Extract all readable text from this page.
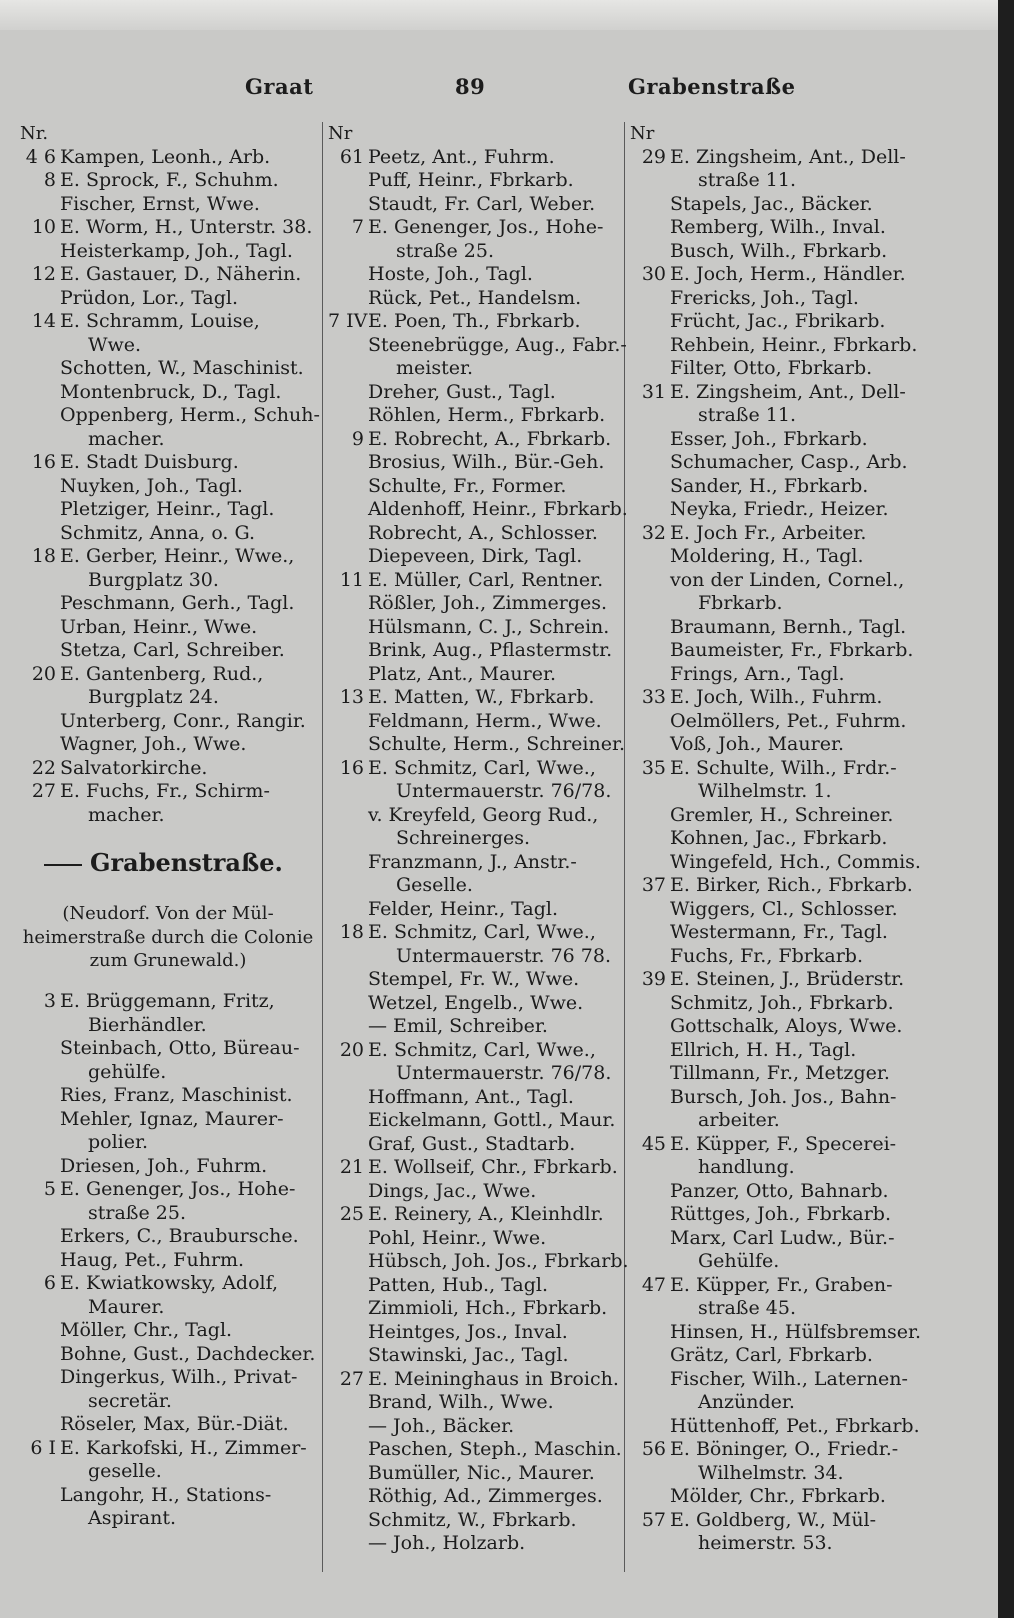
Graat	89	Grabenstraße
Nr.
4 6 Kampen, Leonh., Arb.
8 E. Sprock, F., Schuhm.
Fischer, Ernst, Wwe.
10 E. Worm, H., Unterstr. 38.
Heisterkamp, Joh., Tagl.
12 E. Gastauer, D., Näherin.
Prüdon, Lor., Tagl.
14 E. Schramm, Louise,
Wwe.
Schotten, W., Maschinist.
Montenbruck, D., Tagl.
Oppenberg, Herm., Schuh-
macher.
16 E. Stadt Duisburg.
Nuyken, Joh., Tagl.
Pletziger, Heinr., Tagl.
Schmitz, Anna, o. G.
18 E. Gerber, Heinr., Wwe.,
Burgplatz 30.
Peschmann, Gerh., Tagl.
Urban, Heinr., Wwe.
Stetza, Carl, Schreiber.
20 E. Gantenberg, Rud.,
Burgplatz 24.
Unterberg, Conr., Rangir.
Wagner, Joh., Wwe.
22 Salvatorkirche.
27 E. Fuchs, Fr., Schirm-
macher.
Grabenstraße.
(Neudorf. Von der Mül-
heimerstraße durch die Colonie
zum Grunewald.)
3 E. Brüggemann, Fritz,
Bierhändler.
Steinbach, Otto, Büreau-
gehülfe.
Ries, Franz, Maschinist.
Mehler, Ignaz, Maurer-
polier.
Driesen, Joh., Fuhrm.
5 E. Genenger, Jos., Hohe-
straße 25.
Erkers, C., Braubursche.
Haug, Pet., Fuhrm.
6 E. Kwiatkowsky, Adolf,
Maurer.
Möller, Chr., Tagl.
Bohne, Gust., Dachdecker.
Dingerkus, Wilh., Privat-
secretär.
Röseler, Max, Bür.-Diät.
6 I E. Karkofski, H., Zimmer-
geselle.
Langohr, H., Stations-
Aspirant.
Nr
61 Peetz, Ant., Fuhrm.
Puff, Heinr., Fbrkarb.
Staudt, Fr. Carl, Weber.
7 E. Genenger, Jos., Hohe-
straße 25.
Hoste, Joh., Tagl.
Rück, Pet., Handelsm.
7 IVE. Poen, Th., Fbrkarb.
Steenebrügge, Aug., Fabr.-
meister.
Dreher, Gust., Tagl.
Röhlen, Herm., Fbrkarb.
9 E. Robrecht, A., Fbrkarb.
Brosius, Wilh., Bür.-Geh.
Schulte, Fr., Former.
Aldenhoff, Heinr., Fbrkarb.
Robrecht, A., Schlosser.
Diepeveen, Dirk, Tagl.
11 E. Müller, Carl, Rentner.
Rößler, Joh., Zimmerges.
Hülsmann, C. J., Schrein.
Brink, Aug., Pflastermstr.
Platz, Ant., Maurer.
13 E. Matten, W., Fbrkarb.
Feldmann, Herm., Wwe.
Schulte, Herm., Schreiner.
16 E. Schmitz, Carl, Wwe.,
Untermauerstr. 76/78.
v. Kreyfeld, Georg Rud.,
Schreinerges.
Franzmann, J., Anstr.-
Geselle.
Felder, Heinr., Tagl.
18 E. Schmitz, Carl, Wwe.,
Untermauerstr. 76 78.
Stempel, Fr. W., Wwe.
Wetzel, Engelb., Wwe.
— Emil, Schreiber.
20 E. Schmitz, Carl, Wwe.,
Untermauerstr. 76/78.
Hoffmann, Ant., Tagl.
Eickelmann, Gottl., Maur.
Graf, Gust., Stadtarb.
21 E. Wollseif, Chr., Fbrkarb.
Dings, Jac., Wwe.
25 E. Reinery, A., Kleinhdlr.
Pohl, Heinr., Wwe.
Hübsch, Joh. Jos., Fbrkarb.
Patten, Hub., Tagl.
Zimmioli, Hch., Fbrkarb.
Heintges, Jos., Inval.
Stawinski, Jac., Tagl.
27 E. Meininghaus in Broich.
Brand, Wilh., Wwe.
— Joh., Bäcker.
Paschen, Steph., Maschin.
Bumüller, Nic., Maurer.
Röthig, Ad., Zimmerges.
Schmitz, W., Fbrkarb.
— Joh., Holzarb.
Nr
29 E. Zingsheim, Ant., Dell-
straße 11.
Stapels, Jac., Bäcker.
Remberg, Wilh., Inval.
Busch, Wilh., Fbrkarb.
30 E. Joch, Herm., Händler.
Frericks, Joh., Tagl.
Frücht, Jac., Fbrikarb.
Rehbein, Heinr., Fbrkarb.
Filter, Otto, Fbrkarb.
31 E. Zingsheim, Ant., Dell-
straße 11.
Esser, Joh., Fbrkarb.
Schumacher, Casp., Arb.
Sander, H., Fbrkarb.
Neyka, Friedr., Heizer.
32 E. Joch Fr., Arbeiter.
Moldering, H., Tagl.
von der Linden, Cornel.,
Fbrkarb.
Braumann, Bernh., Tagl.
Baumeister, Fr., Fbrkarb.
Frings, Arn., Tagl.
33 E. Joch, Wilh., Fuhrm.
Oelmöllers, Pet., Fuhrm.
Voß, Joh., Maurer.
35 E. Schulte, Wilh., Frdr.-
Wilhelmstr. 1.
Gremler, H., Schreiner.
Kohnen, Jac., Fbrkarb.
Wingefeld, Hch., Commis.
37 E. Birker, Rich., Fbrkarb.
Wiggers, Cl., Schlosser.
Westermann, Fr., Tagl.
Fuchs, Fr., Fbrkarb.
39 E. Steinen, J., Brüderstr.
Schmitz, Joh., Fbrkarb.
Gottschalk, Aloys, Wwe.
Ellrich, H. H., Tagl.
Tillmann, Fr., Metzger.
Bursch, Joh. Jos., Bahn-
arbeiter.
45 E. Küpper, F., Specerei-
handlung.
Panzer, Otto, Bahnarb.
Rüttges, Joh., Fbrkarb.
Marx, Carl Ludw., Bür.-
Gehülfe.
47 E. Küpper, Fr., Graben-
straße 45.
Hinsen, H., Hülfsbremser.
Grätz, Carl, Fbrkarb.
Fischer, Wilh., Laternen-
Anzünder.
Hüttenhoff, Pet., Fbrkarb.
56 E. Böninger, O., Friedr.-
Wilhelmstr. 34.
Mölder, Chr., Fbrkarb.
57 E. Goldberg, W., Mül-
heimerstr. 53.
